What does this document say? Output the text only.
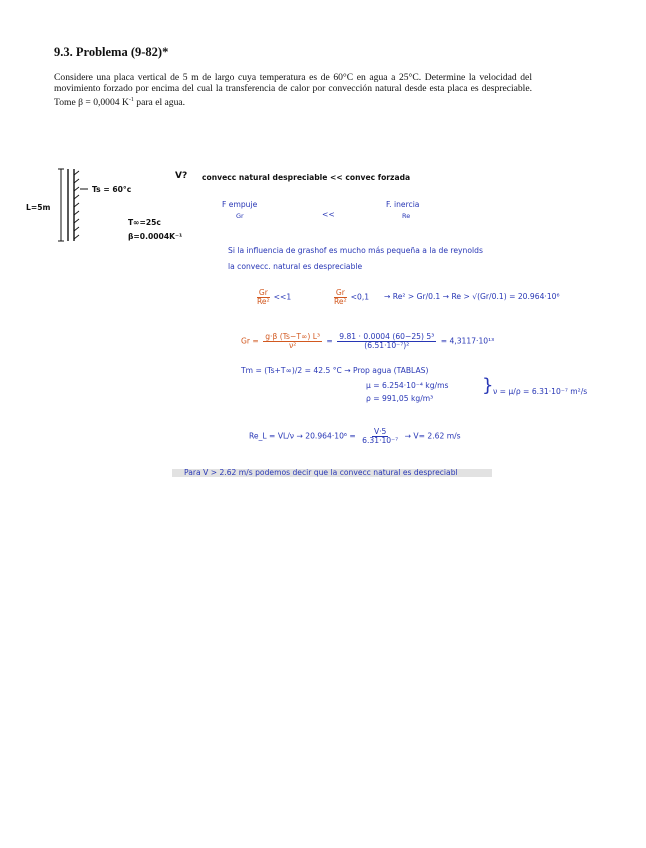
9.3. Problema (9-82)*
Considere una placa vertical de 5 m de largo cuya temperatura es de 60°C en agua a 25°C. Determine la velocidad del movimiento forzado por encima del cual la transferencia de calor por convección natural desde esta placa es despreciable. Tome β = 0,0004 $K^{-1}$ para el agua.
L=5m
Ts = 60°c
T∞=25c
β=0.0004K⁻¹
V? convecc natural despreciable << convec forzada
F empuje
Gr	<<
F. inercia
Re
Si la influencia de grashof es mucho más pequeña a la de reynolds
la convecc. natural es despreciable
$\frac{Gr}{\text{Re²}} <<1$	$\frac{Gr}{\text{Re²}} <0,1 \to Re^2 > Gr/0.1 \to Re > √(Gr/0.1) = 20.964\cdot 10^6$
$Gr = \frac{\text{g·β (Ts−T∞) L³}}{\text{ν²}} = \frac{\text{9.81 · 0.0004 (60−25) 5³}}{\text{(6.51·10⁻⁷)²}} = 4,3117\cdot 10^{13}$
Tm = (Ts+T∞)/2 = 42.5 °C → Prop agua (TABLAS)
μ = 6.254·10⁻⁴ kg/ms
ρ = 991,05 kg/m³
} ν = μ/ρ = 6.31·10⁻⁷ m²/s
Re_L = $VL/\nu \to 20.964\cdot 10^6 = \frac{V\cdot 5}{\text{6.31·10⁻⁷}} \to V= 2.62$ m/s
Para V > 2.62 m/s podemos decir que la convecc natural es despreciabl
